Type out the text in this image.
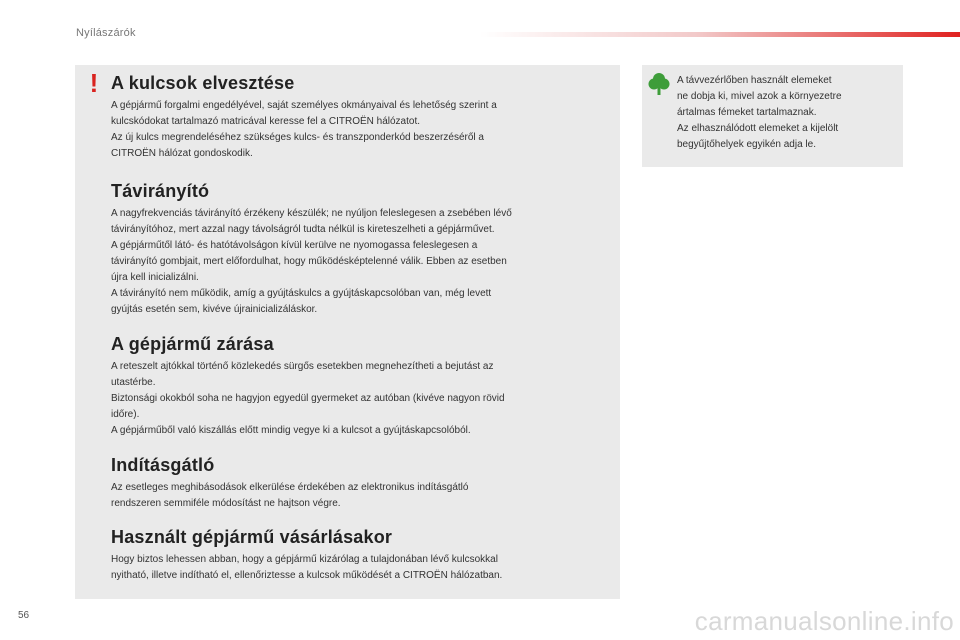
Nyílászárók
! A kulcsok elvesztése

A gépjármű forgalmi engedélyével, saját személyes okmányaival és lehetőség szerint a
kulcskódokat tartalmazó matricával keresse fel a CITROËN hálózatot.
Az új kulcs megrendeléséhez szükséges kulcs- és transzponderkód beszerzéséről a
CITROËN hálózat gondoskodik.

Távirányító

A nagyfrekvenciás távirányító érzékeny készülék; ne nyúljon feleslegesen a zsebében lévő
távirányítóhoz, mert azzal nagy távolságról tudta nélkül is kireteszelheti a gépjárművet.
A gépjárműtől látó- és hatótávolságon kívül kerülve ne nyomogassa feleslegesen a
távirányító gombjait, mert előfordulhat, hogy működésképtelenné válik. Ebben az esetben
újra kell inicializálni.
A távirányító nem működik, amíg a gyújtáskulcs a gyújtáskapcsolóban van, még levett
gyújtás esetén sem, kivéve újrainicializáláskor.

A gépjármű zárása

A reteszelt ajtókkal történő közlekedés sürgős esetekben megnehezítheti a bejutást az
utastérbe.
Biztonsági okokból soha ne hagyjon egyedül gyermeket az autóban (kivéve nagyon rövid
időre).
A gépjárműből való kiszállás előtt mindig vegye ki a kulcsot a gyújtáskapcsolóból.

Indításgátló

Az esetleges meghibásodások elkerülése érdekében az elektronikus indításgátló
rendszeren semmiféle módosítást ne hajtson végre.

Használt gépjármű vásárlásakor

Hogy biztos lehessen abban, hogy a gépjármű kizárólag a tulajdonában lévő kulcsokkal
nyitható, illetve indítható el, ellenőriztesse a kulcsok működését a CITROËN hálózatban.

A távvezérlőben használt elemeket
ne dobja ki, mivel azok a környezetre
ártalmas fémeket tartalmaznak.
Az elhasználódott elemeket a kijelölt
begyűjtőhelyek egyikén adja le.

56	carmanualsonline.info
